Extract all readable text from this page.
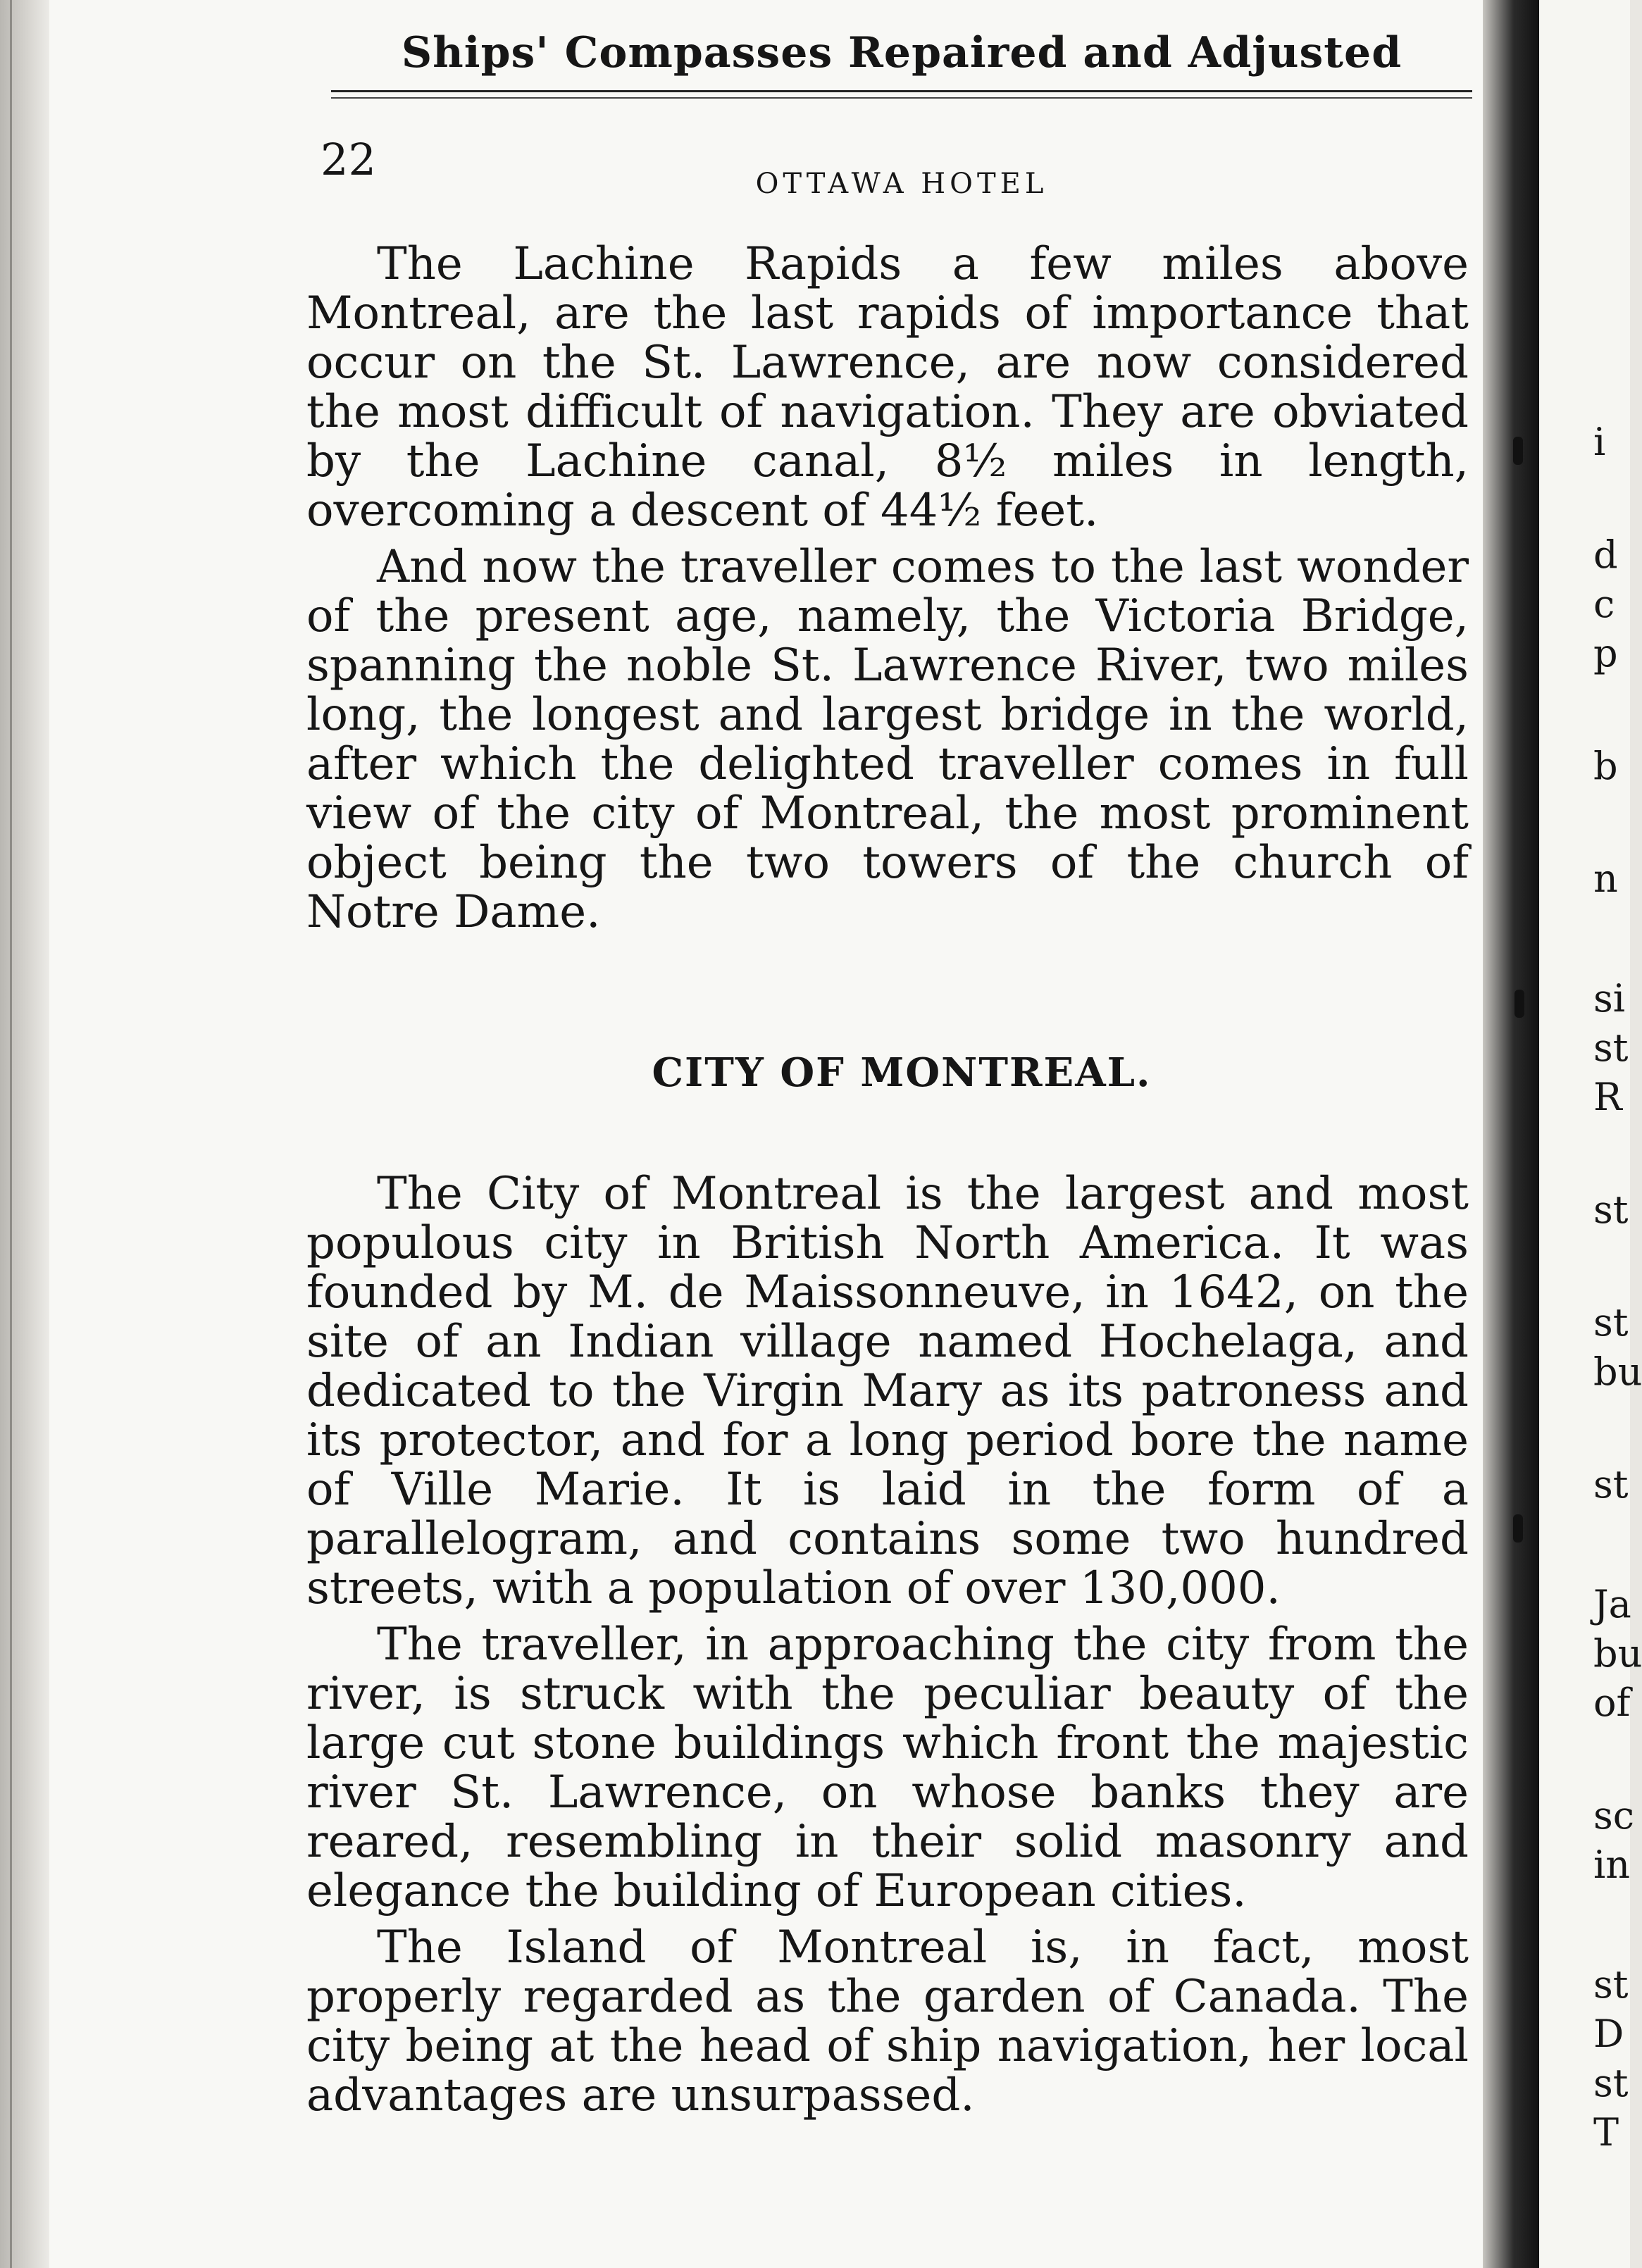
Ships' Compasses Repaired and Adjusted
22	OTTAWA HOTEL

The Lachine Rapids a few miles above Montreal, are the last rapids of importance that occur on the St. Lawrence, are now considered the most difficult of navigation. They are obviated by the Lachine canal, 8½ miles in length, overcoming a descent of 44½ feet.

And now the traveller comes to the last wonder of the present age, namely, the Victoria Bridge, spanning the noble St. Lawrence River, two miles long, the longest and largest bridge in the world, after which the delighted traveller comes in full view of the city of Montreal, the most prominent object being the two towers of the church of Notre Dame.

CITY OF MONTREAL.

The City of Montreal is the largest and most populous city in British North America. It was founded by M. de Maissonneuve, in 1642, on the site of an Indian village named Hochelaga, and dedicated to the Virgin Mary as its patroness and its protector, and for a long period bore the name of Ville Marie. It is laid in the form of a parallelogram, and contains some two hundred streets, with a population of over 130,000.

The traveller, in approaching the city from the river, is struck with the peculiar beauty of the large cut stone buildings which front the majestic river St. Lawrence, on whose banks they are reared, resembling in their solid masonry and elegance the building of European cities.

The Island of Montreal is, in fact, most properly regarded as the garden of Canada. The city being at the head of ship navigation, her local advantages are unsurpassed.

i
d
c
p
b
n
si
st
R
st
st
bu
st
Ja
bu
of
sc
in
st
D
st
T
